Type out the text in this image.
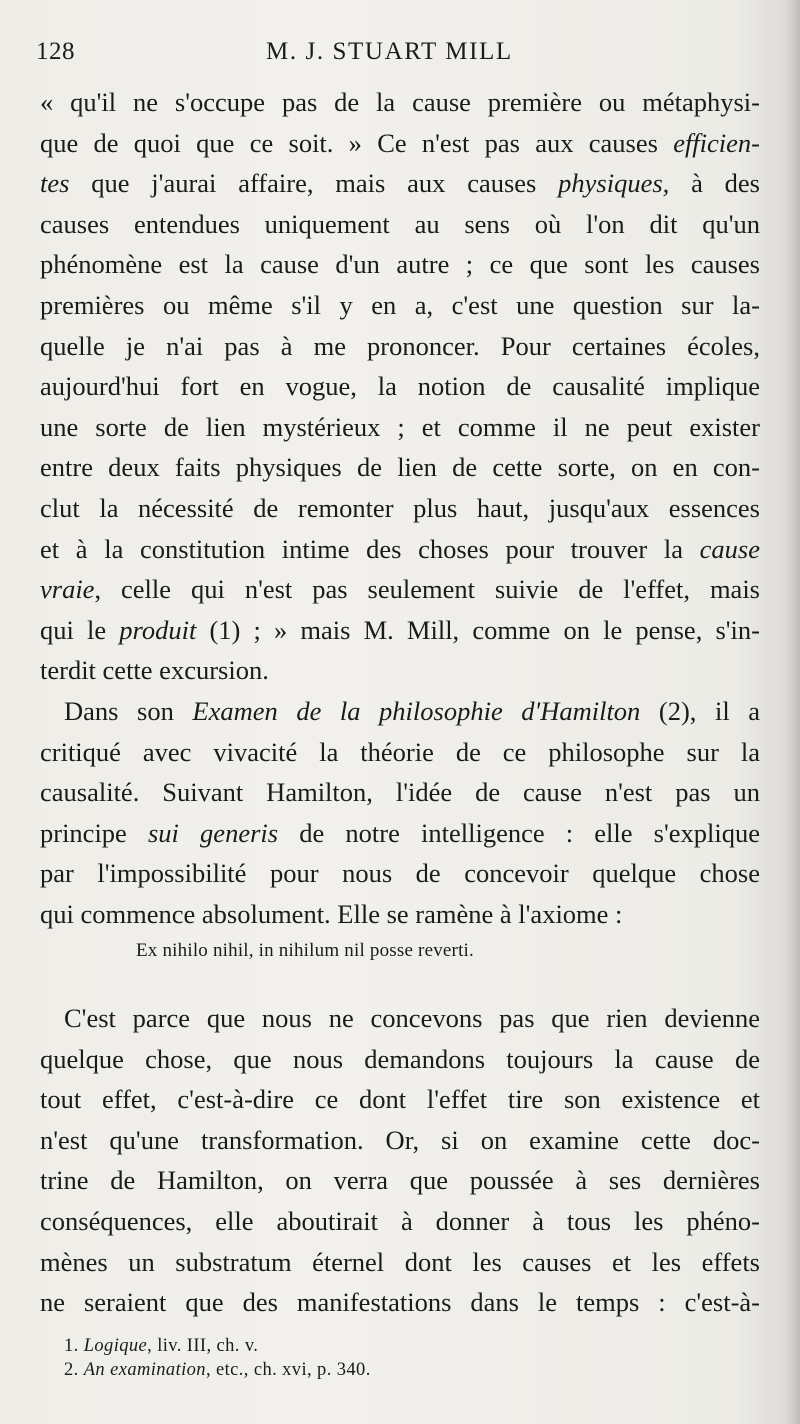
128	M. J. STUART MILL
« qu'il ne s'occupe pas de la cause première ou métaphysi-
que de quoi que ce soit. » Ce n'est pas aux causes efficien-
tes que j'aurai affaire, mais aux causes physiques, à des
causes entendues uniquement au sens où l'on dit qu'un
phénomène est la cause d'un autre ; ce que sont les causes
premières ou même s'il y en a, c'est une question sur la-
quelle je n'ai pas à me prononcer. Pour certaines écoles,
aujourd'hui fort en vogue, la notion de causalité implique
une sorte de lien mystérieux ; et comme il ne peut exister
entre deux faits physiques de lien de cette sorte, on en con-
clut la nécessité de remonter plus haut, jusqu'aux essences
et à la constitution intime des choses pour trouver la cause
vraie, celle qui n'est pas seulement suivie de l'effet, mais
qui le produit (1) ; » mais M. Mill, comme on le pense, s'in-
terdit cette excursion.
Dans son Examen de la philosophie d'Hamilton (2), il a
critiqué avec vivacité la théorie de ce philosophe sur la
causalité. Suivant Hamilton, l'idée de cause n'est pas un
principe sui generis de notre intelligence : elle s'explique
par l'impossibilité pour nous de concevoir quelque chose
qui commence absolument. Elle se ramène à l'axiome :
Ex nihilo nihil, in nihilum nil posse reverti.
C'est parce que nous ne concevons pas que rien devienne
quelque chose, que nous demandons toujours la cause de
tout effet, c'est-à-dire ce dont l'effet tire son existence et
n'est qu'une transformation. Or, si on examine cette doc-
trine de Hamilton, on verra que poussée à ses dernières
conséquences, elle aboutirait à donner à tous les phéno-
mènes un substratum éternel dont les causes et les effets
ne seraient que des manifestations dans le temps : c'est-à-
1. Logique, liv. III, ch. v.
2. An examination, etc., ch. xvi, p. 340.
